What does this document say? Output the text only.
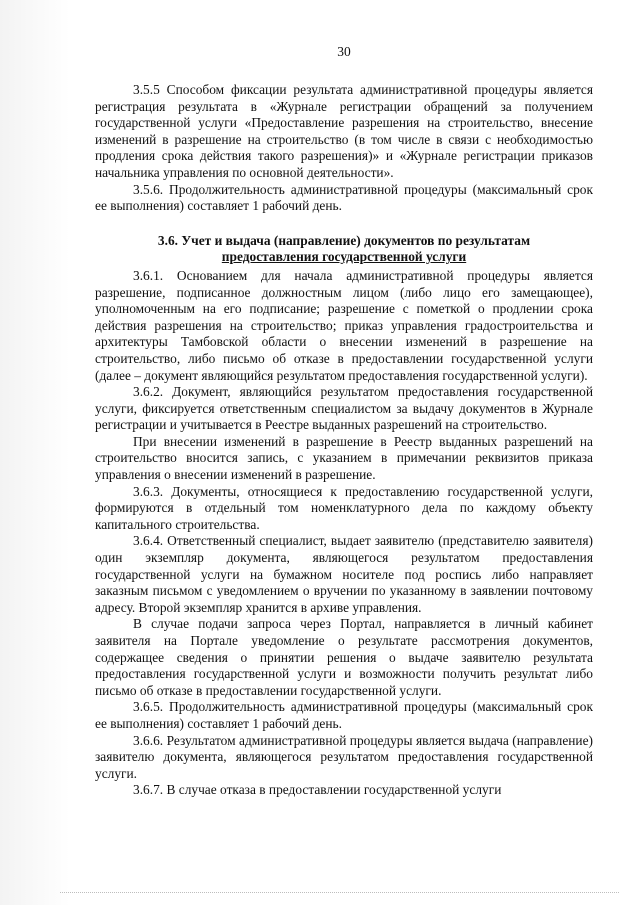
30

3.5.5 Способом фиксации результата административной процедуры является регистрация результата в «Журнале регистрации обращений за получением государственной услуги «Предоставление разрешения на строительство, внесение изменений в разрешение на строительство (в том числе в связи с необходимостью продления срока действия такого разрешения)» и «Журнале регистрации приказов начальника управления по основной деятельности».

3.5.6. Продолжительность административной процедуры (максимальный срок ее выполнения) составляет 1 рабочий день.

3.6. Учет и выдача (направление) документов по результатам
предоставления государственной услуги

3.6.1. Основанием для начала административной процедуры является разрешение, подписанное должностным лицом (либо лицо его замещающее), уполномоченным на его подписание; разрешение с пометкой о продлении срока действия разрешения на строительство; приказ управления градостроительства и архитектуры Тамбовской области о внесении изменений в разрешение на строительство, либо письмо об отказе в предоставлении государственной услуги (далее – документ являющийся результатом предоставления государственной услуги).

3.6.2. Документ, являющийся результатом предоставления государственной услуги, фиксируется ответственным специалистом за выдачу документов в Журнале регистрации и учитывается в Реестре выданных разрешений на строительство.

При внесении изменений в разрешение в Реестр выданных разрешений на строительство вносится запись, с указанием в примечании реквизитов приказа управления о внесении изменений в разрешение.

3.6.3. Документы, относящиеся к предоставлению государственной услуги, формируются в отдельный том номенклатурного дела по каждому объекту капитального строительства.

3.6.4. Ответственный специалист, выдает заявителю (представителю заявителя) один экземпляр документа, являющегося результатом предоставления государственной услуги на бумажном носителе под роспись либо направляет заказным письмом с уведомлением о вручении по указанному в заявлении почтовому адресу. Второй экземпляр хранится в архиве управления.

В случае подачи запроса через Портал, направляется в личный кабинет заявителя на Портале уведомление о результате рассмотрения документов, содержащее сведения о принятии решения о выдаче заявителю результата предоставления государственной услуги и возможности получить результат либо письмо об отказе в предоставлении государственной услуги.

3.6.5. Продолжительность административной процедуры (максимальный срок ее выполнения) составляет 1 рабочий день.

3.6.6. Результатом административной процедуры является выдача (направление) заявителю документа, являющегося результатом предоставления государственной услуги.

3.6.7. В случае отказа в предоставлении государственной услуги
